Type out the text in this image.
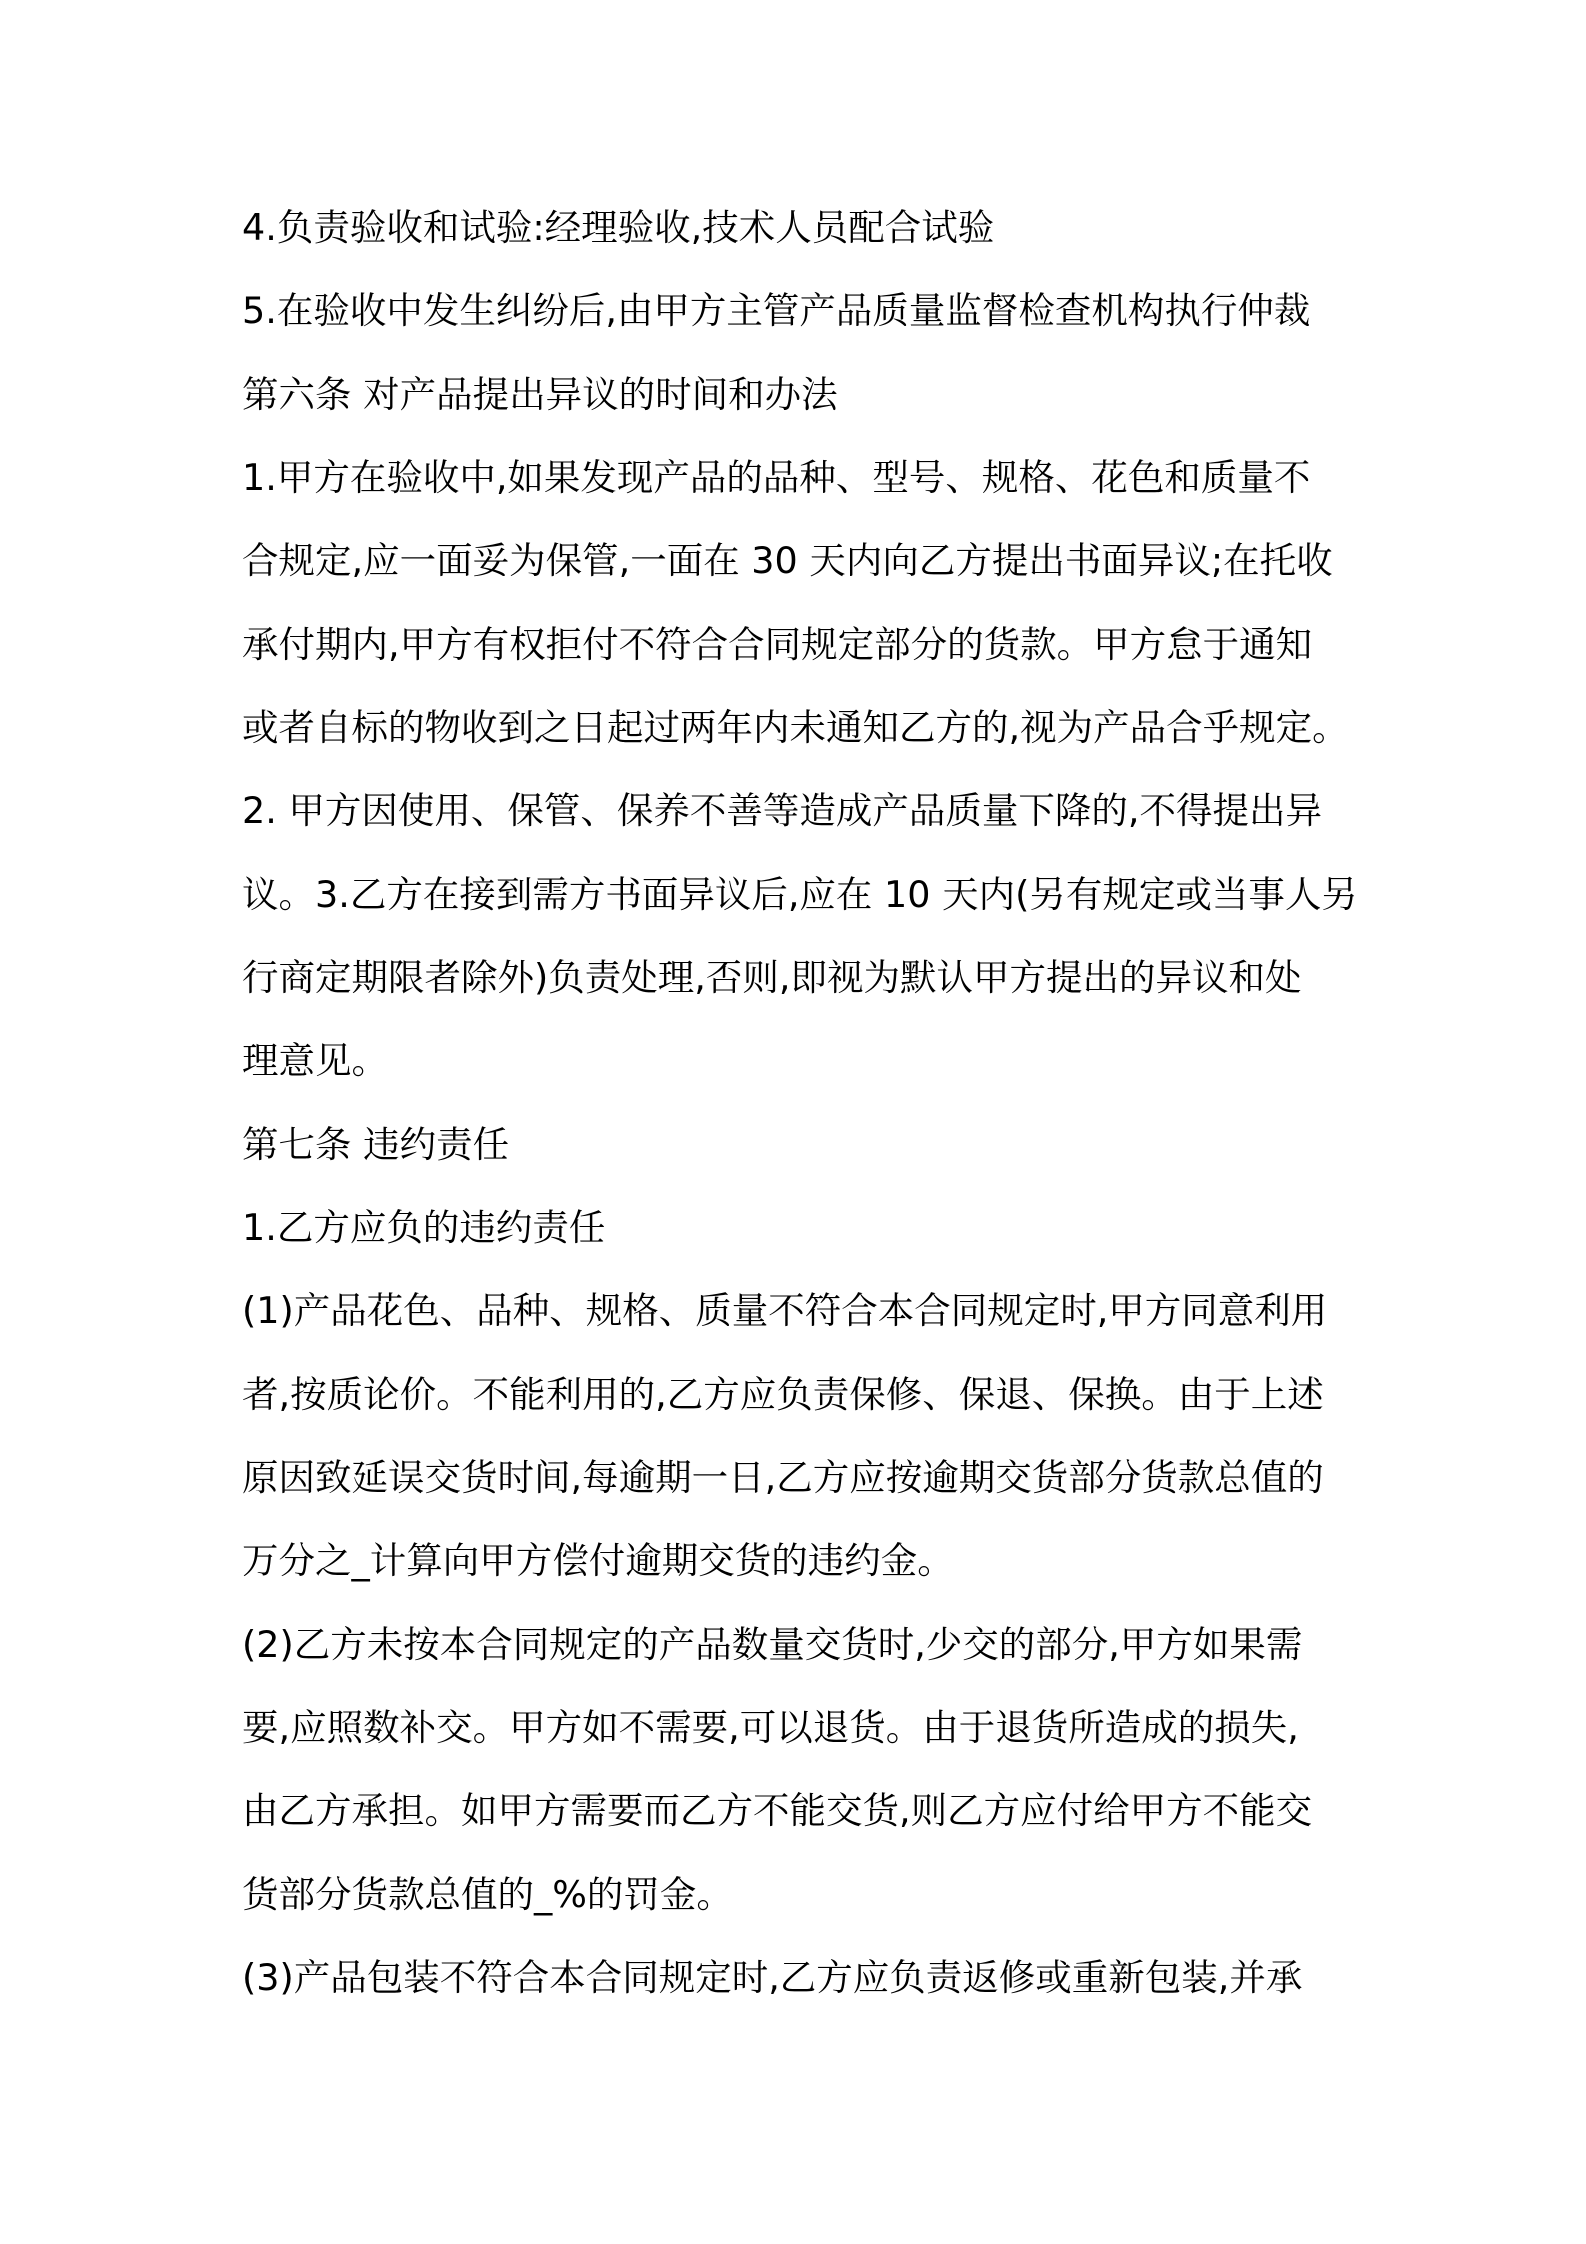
4.负责验收和试验:经理验收,技术人员配合试验

5.在验收中发生纠纷后,由甲方主管产品质量监督检查机构执行仲裁

第六条 对产品提出异议的时间和办法

1.甲方在验收中,如果发现产品的品种、型号、规格、花色和质量不

合规定,应一面妥为保管,一面在 30 天内向乙方提出书面异议;在托收

承付期内,甲方有权拒付不符合合同规定部分的货款。甲方怠于通知

或者自标的物收到之日起过两年内未通知乙方的,视为产品合乎规定。

2. 甲方因使用、保管、保养不善等造成产品质量下降的,不得提出异

议。3.乙方在接到需方书面异议后,应在 10 天内(另有规定或当事人另

行商定期限者除外)负责处理,否则,即视为默认甲方提出的异议和处

理意见。

第七条 违约责任

1.乙方应负的违约责任

(1)产品花色、品种、规格、质量不符合本合同规定时,甲方同意利用

者,按质论价。不能利用的,乙方应负责保修、保退、保换。由于上述

原因致延误交货时间,每逾期一日,乙方应按逾期交货部分货款总值的

万分之_计算向甲方偿付逾期交货的违约金。

(2)乙方未按本合同规定的产品数量交货时,少交的部分,甲方如果需

要,应照数补交。甲方如不需要,可以退货。由于退货所造成的损失,

由乙方承担。如甲方需要而乙方不能交货,则乙方应付给甲方不能交

货部分货款总值的_%的罚金。

(3)产品包装不符合本合同规定时,乙方应负责返修或重新包装,并承
